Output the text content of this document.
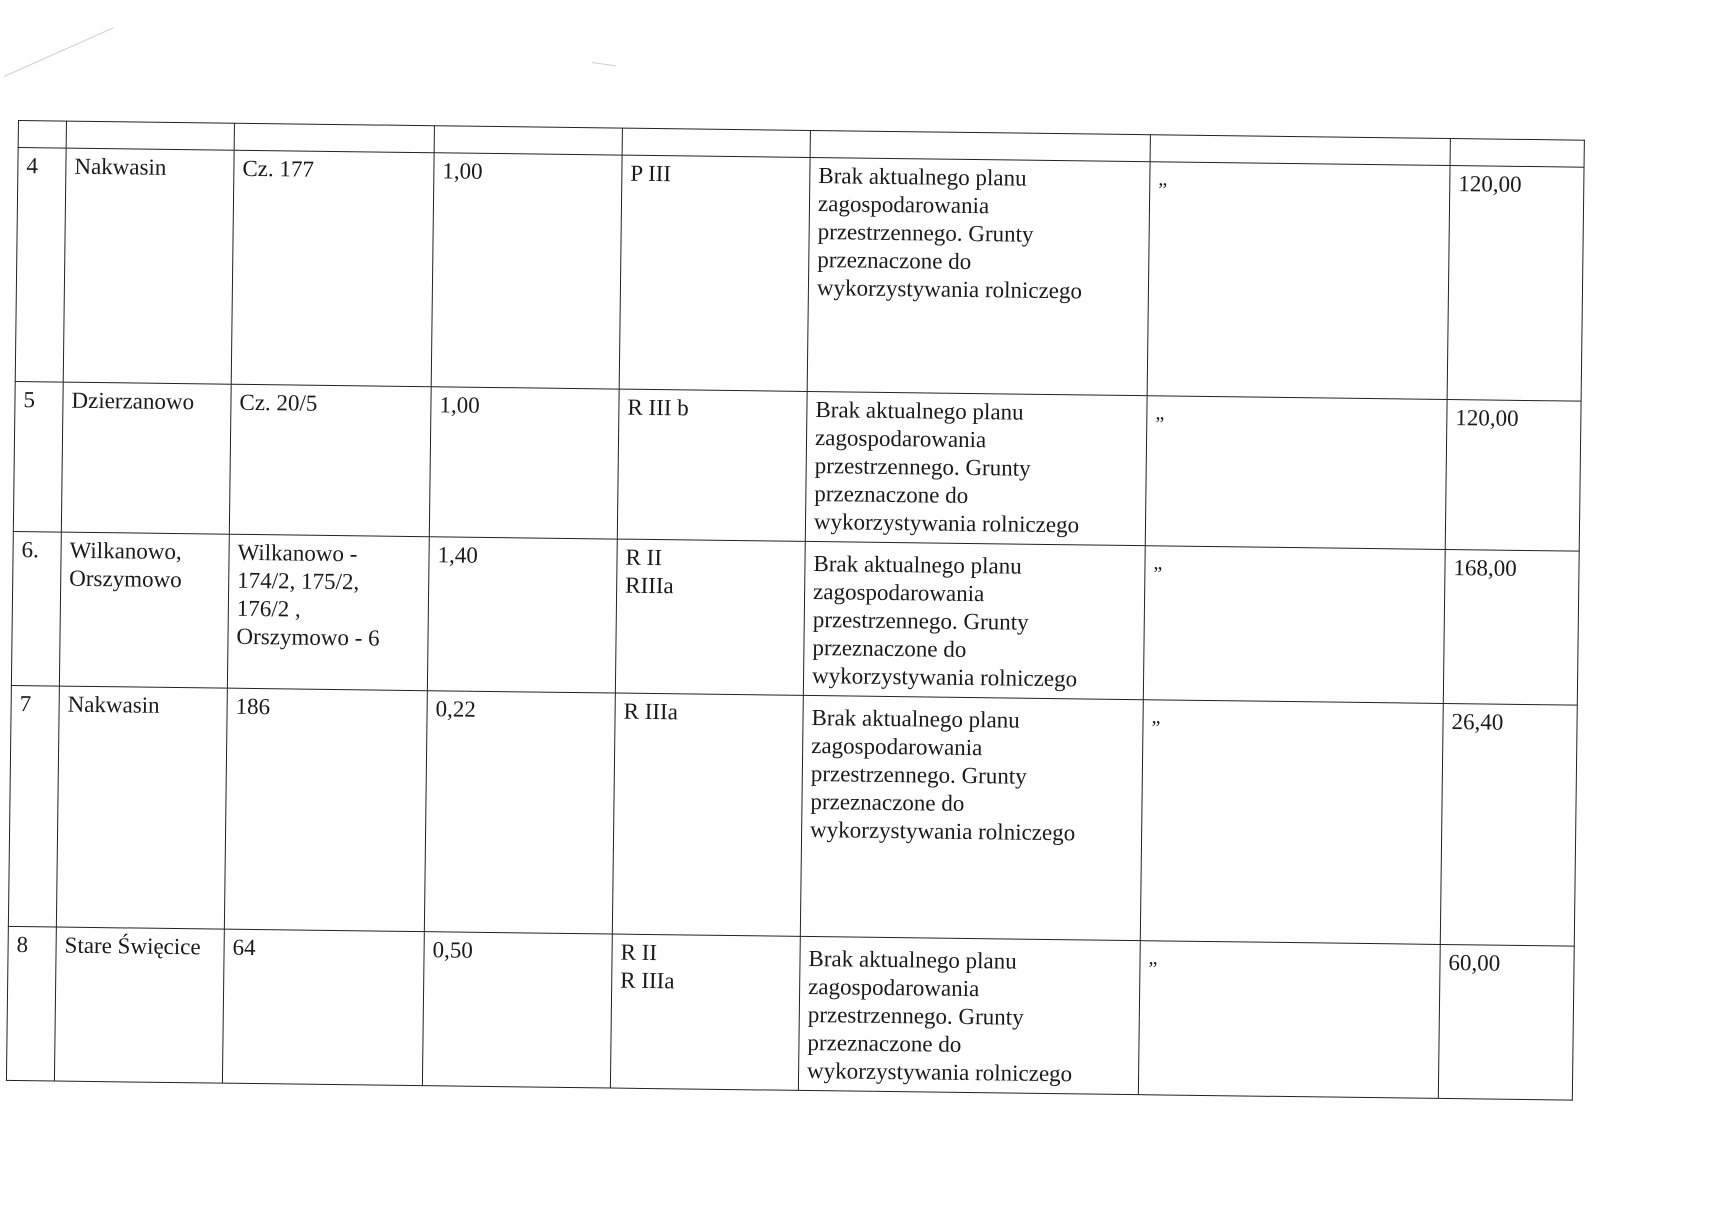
4	Nakwasin	Cz. 177	1,00	P III	Brak aktualnego planu
zagospodarowania
przestrzennego. Grunty
przeznaczone do
wykorzystywania rolniczego	”	120,00
5	Dzierzanowo	Cz. 20/5	1,00	R III b	Brak aktualnego planu
zagospodarowania
przestrzennego. Grunty
przeznaczone do
wykorzystywania rolniczego	”	120,00
6.	Wilkanowo,
Orszymowo	Wilkanowo -
174/2, 175/2,
176/2 ,
Orszymowo - 6	1,40	R II
RIIIa	Brak aktualnego planu
zagospodarowania
przestrzennego. Grunty
przeznaczone do
wykorzystywania rolniczego	”	168,00
7	Nakwasin	186	0,22	R IIIa	Brak aktualnego planu
zagospodarowania
przestrzennego. Grunty
przeznaczone do
wykorzystywania rolniczego	”	26,40
8	Stare Święcice	64	0,50	R II
R IIIa	Brak aktualnego planu
zagospodarowania
przestrzennego. Grunty
przeznaczone do
wykorzystywania rolniczego	”	60,00
